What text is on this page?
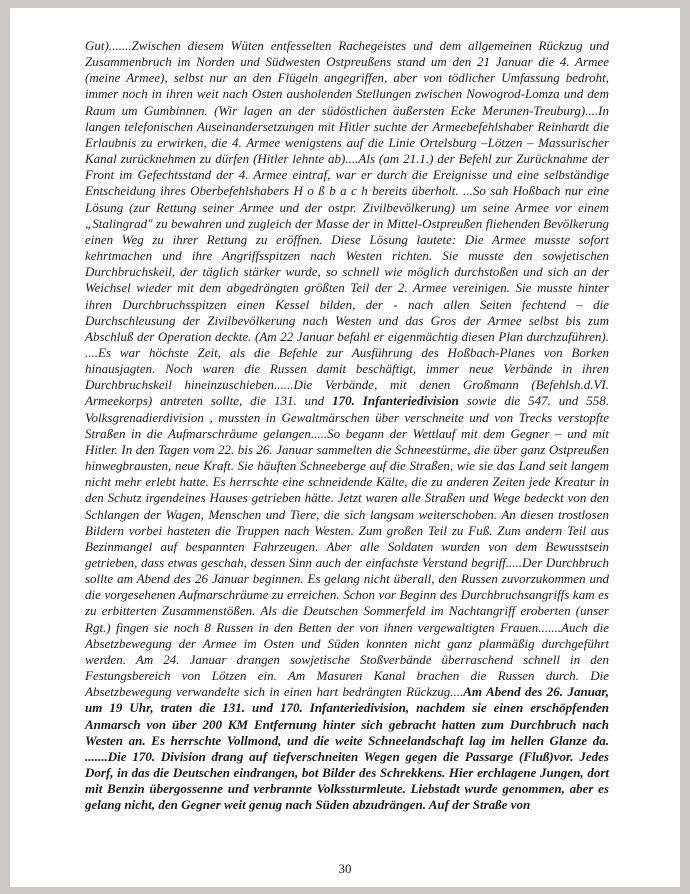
Gut).......Zwischen diesem Wüten entfesselten Rachegeistes und dem allgemeinen Rückzug und Zusammenbruch im Norden und Südwesten Ostpreußens stand um den 21 Januar die 4. Armee (meine Armee), selbst nur an den Flügeln angegriffen, aber von tödlicher Umfassung bedroht, immer noch in ihren weit nach Osten ausholenden Stellungen zwischen Nowogrod-Lomza und dem Raum um Gumbinnen. (Wir lagen an der südöstlichen äußersten Ecke Merunen-Treuburg)....In langen telefonischen Auseinandersetzungen mit Hitler suchte der Armeebefehlshaber Reinhardt die Erlaubnis zu erwirken, die 4. Armee wenigstens auf die Linie Ortelsburg –Lötzen – Massurischer Kanal zurücknehmen zu dürfen (Hitler lehnte ab)....Als (am 21.1.) der Befehl zur Zurücknahme der Front im Gefechtsstand der 4. Armee eintraf, war er durch die Ereignisse und eine selbständige Entscheidung ihres Oberbefehlshabers H o ß b a c h bereits überholt. ...So sah Hoßbach nur eine Lösung (zur Rettung seiner Armee und der ostpr. Zivilbevölkerung) um seine Armee vor einem „Stalingrad" zu bewahren und zugleich der Masse der in Mittel-Ostpreußen fliehenden Bevölkerung einen Weg zu ihrer Rettung zu eröffnen. Diese Lösung lautete: Die Armee musste sofort kehrtmachen und ihre Angriffsspitzen nach Westen richten. Sie musste den sowjetischen Durchbruchskeil, der täglich stärker wurde, so schnell wie möglich durchstoßen und sich an der Weichsel wieder mit dem abgedrängten größten Teil der 2. Armee vereinigen. Sie musste hinter ihren Durchbruchsspitzen einen Kessel bilden, der - nach allen Seiten fechtend – die Durchschleusung der Zivilbevölkerung nach Westen und das Gros der Armee selbst bis zum Abschluß der Operation deckte. (Am 22 Januar befahl er eigenmächtig diesen Plan durchzuführen). ....Es war höchste Zeit, als die Befehle zur Ausführung des Hoßbach-Planes von Borken hinausjagten. Noch waren die Russen damit beschäftigt, immer neue Verbände in ihren Durchbruchskeil hineinzuschieben......Die Verbände, mit denen Großmann (Befehlsh.d.VI. Armeekorps) antreten sollte, die 131. und 170. Infanteriedivision sowie die 547. und 558. Volksgrenadierdivision , mussten in Gewaltmärschen über verschneite und von Trecks verstopfte Straßen in die Aufmarschräume gelangen.....So begann der Wettlauf mit dem Gegner – und mit Hitler. In den Tagen vom 22. bis 26. Januar sammelten die Schneestürme, die über ganz Ostpreußen hinwegbrausten, neue Kraft. Sie häuften Schneeberge auf die Straßen, wie sie das Land seit langem nicht mehr erlebt hatte. Es herrschte eine schneidende Kälte, die zu anderen Zeiten jede Kreatur in den Schutz irgendeines Hauses getrieben hätte. Jetzt waren alle Straßen und Wege bedeckt von den Schlangen der Wagen, Menschen und Tiere, die sich langsam weiterschoben. An diesen trostlosen Bildern vorbei hasteten die Truppen nach Westen. Zum großen Teil zu Fuß. Zum andern Teil aus Bezinmangel auf bespannten Fahrzeugen. Aber alle Soldaten wurden von dem Bewusstsein getrieben, dass etwas geschah, dessen Sinn auch der einfachste Verstand begriff.....Der Durchbruch sollte am Abend des 26 Januar beginnen. Es gelang nicht überall, den Russen zuvorzukommen und die vorgesehenen Aufmarschräume zu erreichen. Schon vor Beginn des Durchbruchsangriffs kam es zu erbitterten Zusammenstößen. Als die Deutschen Sommerfeld im Nachtangriff eroberten (unser Rgt.) fingen sie noch 8 Russen in den Betten der von ihnen vergewaltigten Frauen.......Auch die Absetzbewegung der Armee im Osten und Süden konnten nicht ganz planmäßig durchgeführt werden. Am 24. Januar drangen sowjetische Stoßverbände überraschend schnell in den Festungsbereich von Lötzen ein. Am Masuren Kanal brachen die Russen durch. Die Absetzbewegung verwandelte sich in einen hart bedrängten Rückzug....Am Abend des 26. Januar, um 19 Uhr, traten die 131. und 170. Infanteriedivision, nachdem sie einen erschöpfenden Anmarsch von über 200 KM Entfernung hinter sich gebracht hatten zum Durchbruch nach Westen an. Es herrschte Vollmond, und die weite Schneelandschaft lag im hellen Glanze da. .......Die 170. Division drang auf tiefverschneiten Wegen gegen die Passarge (Fluß)vor. Jedes Dorf, in das die Deutschen eindrangen, bot Bilder des Schrekkens. Hier erchlagene Jungen, dort mit Benzin übergossenne und verbrannte Volkssturmleute. Liebstadt wurde genommen, aber es gelang nicht, den Gegner weit genug nach Süden abzudrängen. Auf der Straße von

30
